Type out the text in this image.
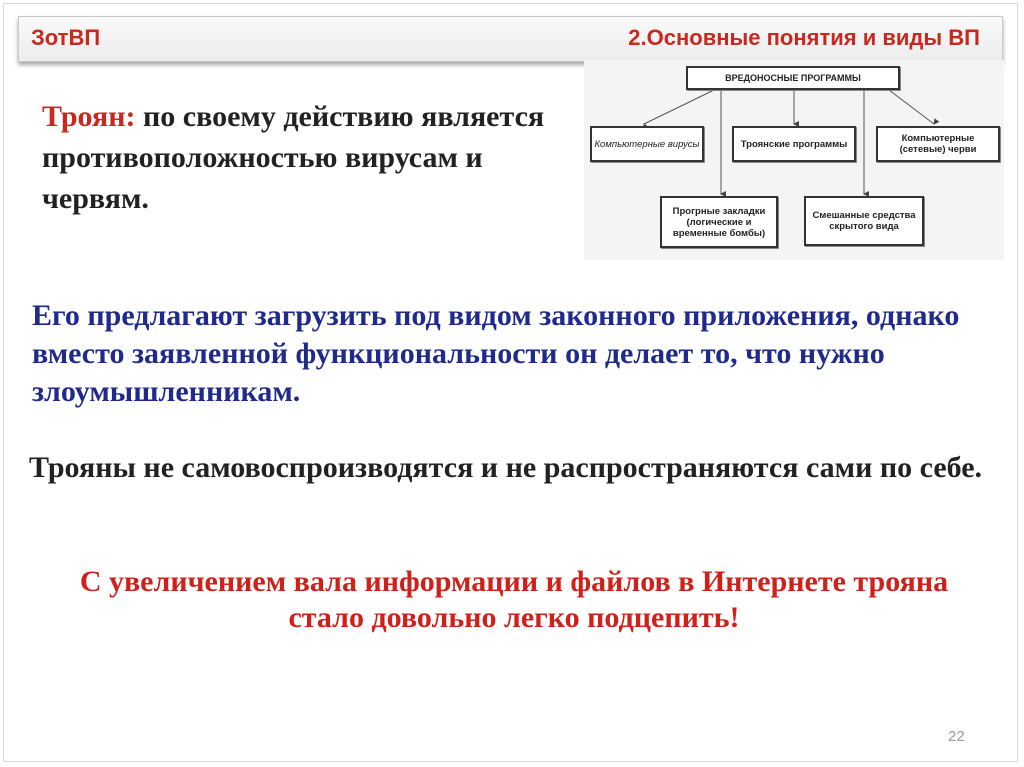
ЗотВП	2.Основные понятия и виды ВП
Троян: по своему действию является противоположностью вирусам и червям.
ВРЕДОНОСНЫЕ ПРОГРАММЫ
Компьютерные вирусы	Троянские программы	Компьютерные (сетевые) черви
Прогрные закладки (логические и временные бомбы)
Смешанные средства скрытого вида
Его предлагают загрузить под видом законного приложения, однако вместо заявленной функциональности он делает то, что нужно злоумышленникам.
Трояны не самовоспроизводятся и не распространяются сами по себе.
С увеличением вала информации и файлов в Интернете трояна стало довольно легко подцепить!
22
